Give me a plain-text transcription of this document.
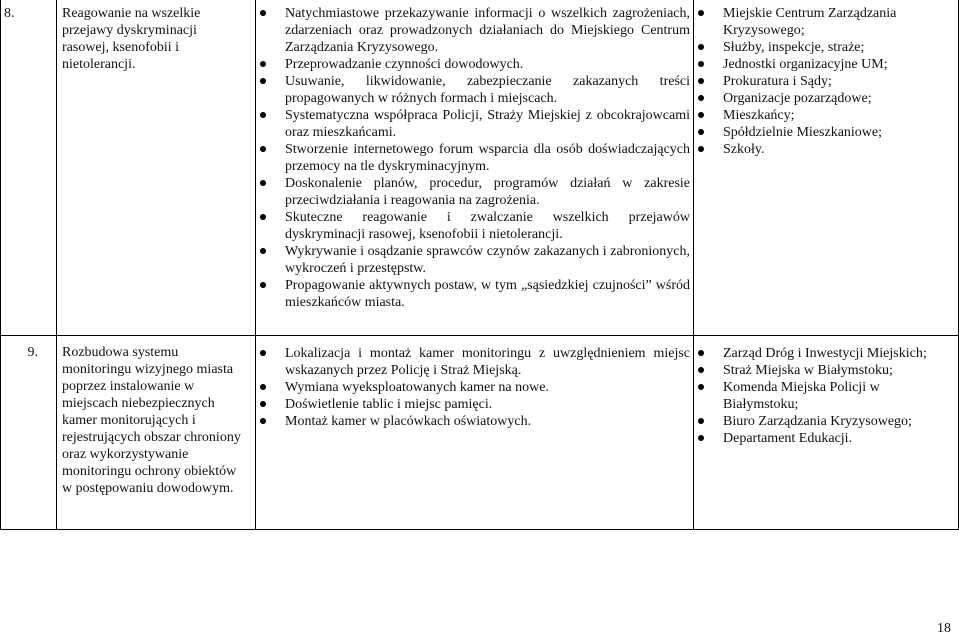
8.	Reagowanie na wszelkie przejawy dyskryminacji rasowej, ksenofobii i nietolerancji.
Natychmiastowe przekazywanie informacji o wszelkich zagrożeniach, zdarzeniach oraz prowadzonych działaniach do Miejskiego Centrum Zarządzania Kryzysowego.
Przeprowadzanie czynności dowodowych.
Usuwanie, likwidowanie, zabezpieczanie zakazanych treści propagowanych w różnych formach i miejscach.
Systematyczna współpraca Policji, Straży Miejskiej z obcokrajowcami oraz mieszkańcami.
Stworzenie internetowego forum wsparcia dla osób doświadczających przemocy na tle dyskryminacyjnym.
Doskonalenie planów, procedur, programów działań w zakresie przeciwdziałania i reagowania na zagrożenia.
Skuteczne reagowanie i zwalczanie wszelkich przejawów dyskryminacji rasowej, ksenofobii i nietolerancji.
Wykrywanie i osądzanie sprawców czynów zakazanych i zabronionych, wykroczeń i przestępstw.
Propagowanie aktywnych postaw, w tym „sąsiedzkiej czujności” wśród mieszkańców miasta.
Miejskie Centrum Zarządzania Kryzysowego;
Służby, inspekcje, straże;
Jednostki organizacyjne UM;
Prokuratura i Sądy;
Organizacje pozarządowe;
Mieszkańcy;
Spółdzielnie Mieszkaniowe;
Szkoły.
9. Rozbudowa systemu monitoringu wizyjnego miasta poprzez instalowanie w miejscach niebezpiecznych kamer monitorujących i rejestrujących obszar chroniony oraz wykorzystywanie monitoringu ochrony obiektów w postępowaniu dowodowym.
Lokalizacja i montaż kamer monitoringu z uwzględnieniem miejsc wskazanych przez Policję i Straż Miejską.
Wymiana wyeksploatowanych kamer na nowe.
Doświetlenie tablic i miejsc pamięci.
Montaż kamer w placówkach oświatowych.
Zarząd Dróg i Inwestycji Miejskich;
Straż Miejska w Białymstoku;
Komenda Miejska Policji w Białymstoku;
Biuro Zarządzania Kryzysowego;
Departament Edukacji.
18
